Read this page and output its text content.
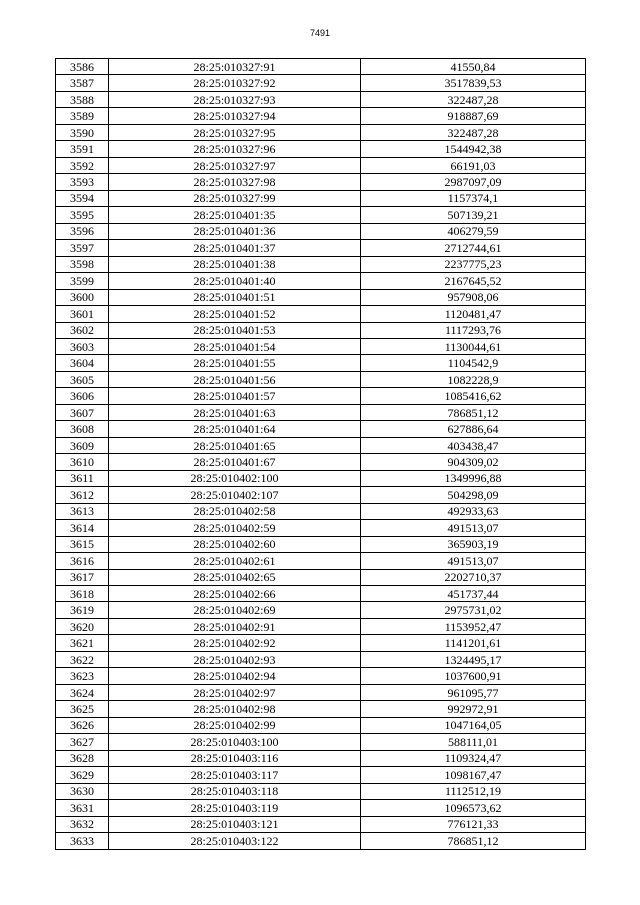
7491
3586	28:25:010327:91	41550,84
3587	28:25:010327:92	3517839,53
3588	28:25:010327:93	322487,28
3589	28:25:010327:94	918887,69
3590	28:25:010327:95	322487,28
3591	28:25:010327:96	1544942,38
3592	28:25:010327:97	66191,03
3593	28:25:010327:98	2987097,09
3594	28:25:010327:99	1157374,1
3595	28:25:010401:35	507139,21
3596	28:25:010401:36	406279,59
3597	28:25:010401:37	2712744,61
3598	28:25:010401:38	2237775,23
3599	28:25:010401:40	2167645,52
3600	28:25:010401:51	957908,06
3601	28:25:010401:52	1120481,47
3602	28:25:010401:53	1117293,76
3603	28:25:010401:54	1130044,61
3604	28:25:010401:55	1104542,9
3605	28:25:010401:56	1082228,9
3606	28:25:010401:57	1085416,62
3607	28:25:010401:63	786851,12
3608	28:25:010401:64	627886,64
3609	28:25:010401:65	403438,47
3610	28:25:010401:67	904309,02
3611	28:25:010402:100	1349996,88
3612	28:25:010402:107	504298,09
3613	28:25:010402:58	492933,63
3614	28:25:010402:59	491513,07
3615	28:25:010402:60	365903,19
3616	28:25:010402:61	491513,07
3617	28:25:010402:65	2202710,37
3618	28:25:010402:66	451737,44
3619	28:25:010402:69	2975731,02
3620	28:25:010402:91	1153952,47
3621	28:25:010402:92	1141201,61
3622	28:25:010402:93	1324495,17
3623	28:25:010402:94	1037600,91
3624	28:25:010402:97	961095,77
3625	28:25:010402:98	992972,91
3626	28:25:010402:99	1047164,05
3627	28:25:010403:100	588111,01
3628	28:25:010403:116	1109324,47
3629	28:25:010403:117	1098167,47
3630	28:25:010403:118	1112512,19
3631	28:25:010403:119	1096573,62
3632	28:25:010403:121	776121,33
3633	28:25:010403:122	786851,12
